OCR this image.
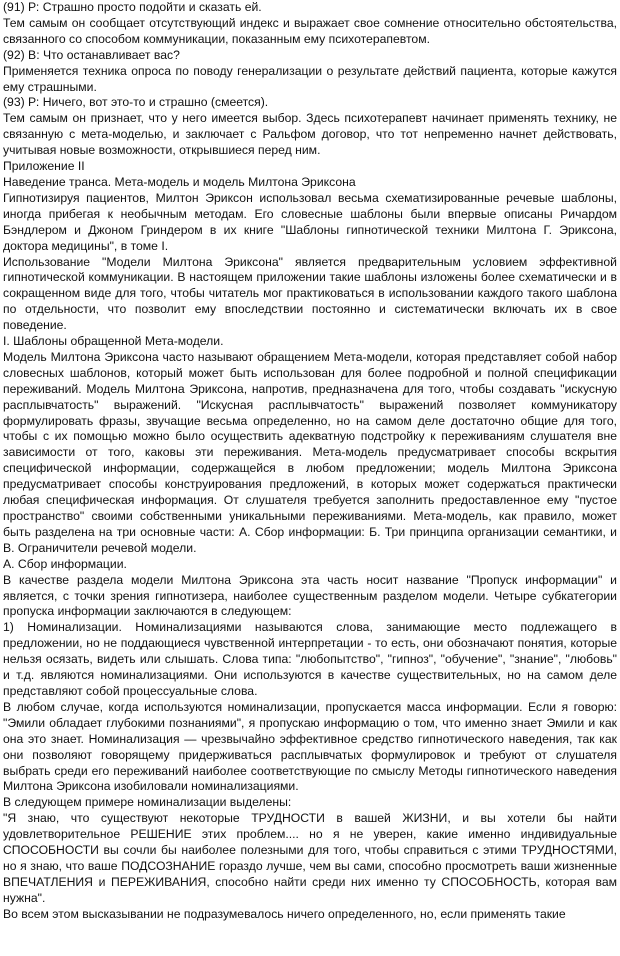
(91) Р: Страшно просто подойти и сказать ей.

Тем самым он сообщает отсутствующий индекс и выражает свое сомнение относительно обстоятельства, связанного со способом коммуникации, показанным ему психотерапевтом.

(92) В: Что останавливает вас?

Применяется техника опроса по поводу генерализации о результате действий пациента, которые кажутся ему страшными.

(93) Р: Ничего, вот это-то и страшно (смеется).

Тем самым он признает, что у него имеется выбор. Здесь психотерапевт начинает применять технику, не связанную с мета-моделью, и заключает с Ральфом договор, что тот непременно начнет действовать, учитывая новые возможности, открывшиеся перед ним.

Приложение II

Наведение транса. Мета-модель и модель Милтона Эриксона

Гипнотизируя пациентов, Милтон Эриксон использовал весьма схематизированные речевые шаблоны, иногда прибегая к необычным методам. Его словесные шаблоны были впервые описаны Ричардом Бэндлером и Джоном Гриндером в их книге "Шаблоны гипнотической техники Милтона Г. Эриксона, доктора медицины", в томе I.

Использование "Модели Милтона Эриксона" является предварительным условием эффективной гипнотической коммуникации. В настоящем приложении такие шаблоны изложены более схематически и в сокращенном виде для того, чтобы читатель мог практиковаться в использовании каждого такого шаблона по отдельности, что позволит ему впоследствии постоянно и систематически включать их в свое поведение.

I. Шаблоны обращенной Мета-модели.

Модель Милтона Эриксона часто называют обращением Мета-модели, которая представляет собой набор словесных шаблонов, который может быть использован для более подробной и полной спецификации переживаний. Модель Милтона Эриксона, напротив, предназначена для того, чтобы создавать "искусную расплывчатость" выражений. "Искусная расплывчатость" выражений позволяет коммуникатору формулировать фразы, звучащие весьма определенно, но на самом деле достаточно общие для того, чтобы с их помощью можно было осуществить адекватную подстройку к переживаниям слушателя вне зависимости от того, каковы эти переживания. Мета-модель предусматривает способы вскрытия специфической информации, содержащейся в любом предложении; модель Милтона Эриксона предусматривает способы конструирования предложений, в которых может содержаться практически любая специфическая информация. От слушателя требуется заполнить предоставленное ему "пустое пространство" своими собственными уникальными переживаниями. Мета-модель, как правило, может быть разделена на три основные части: А. Сбор информации: Б. Три принципа организации семантики, и В. Ограничители речевой модели.

А. Сбор информации.

В качестве раздела модели Милтона Эриксона эта часть носит название "Пропуск информации" и является, с точки зрения гипнотизера, наиболее существенным разделом модели. Четыре субкатегории пропуска информации заключаются в следующем:

1) Номинализации. Номинализациями называются слова, занимающие место подлежащего в предложении, но не поддающиеся чувственной интерпретации - то есть, они обозначают понятия, которые нельзя осязать, видеть или слышать. Слова типа: "любопытство", "гипноз", "обучение", "знание", "любовь" и т.д. являются номинализациями. Они используются в качестве существительных, но на самом деле представляют собой процессуальные слова.

В любом случае, когда используются номинализации, пропускается масса информации. Если я говорю: "Эмили обладает глубокими познаниями", я пропускаю информацию о том, что именно знает Эмили и как она это знает. Номинализация — чрезвычайно эффективное средство гипнотического наведения, так как они позволяют говорящему придерживаться расплывчатых формулировок и требуют от слушателя выбрать среди его переживаний наиболее соответствующие по смыслу Методы гипнотического наведения Милтона Эриксона изобиловали номинализациями.

В следующем примере номинализации выделены:

"Я знаю, что существуют некоторые ТРУДНОСТИ в вашей ЖИЗНИ, и вы хотели бы найти удовлетворительное РЕШЕНИЕ этих проблем.... но я не уверен, какие именно индивидуальные СПОСОБНОСТИ вы сочли бы наиболее полезными для того, чтобы справиться с этими ТРУДНОСТЯМИ, но я знаю, что ваше ПОДСОЗНАНИЕ гораздо лучше, чем вы сами, способно просмотреть ваши жизненные ВПЕЧАТЛЕНИЯ и ПЕРЕЖИВАНИЯ, способно найти среди них именно ту СПОСОБНОСТЬ, которая вам нужна".

Во всем этом высказывании не подразумевалось ничего определенного, но, если применять такие
